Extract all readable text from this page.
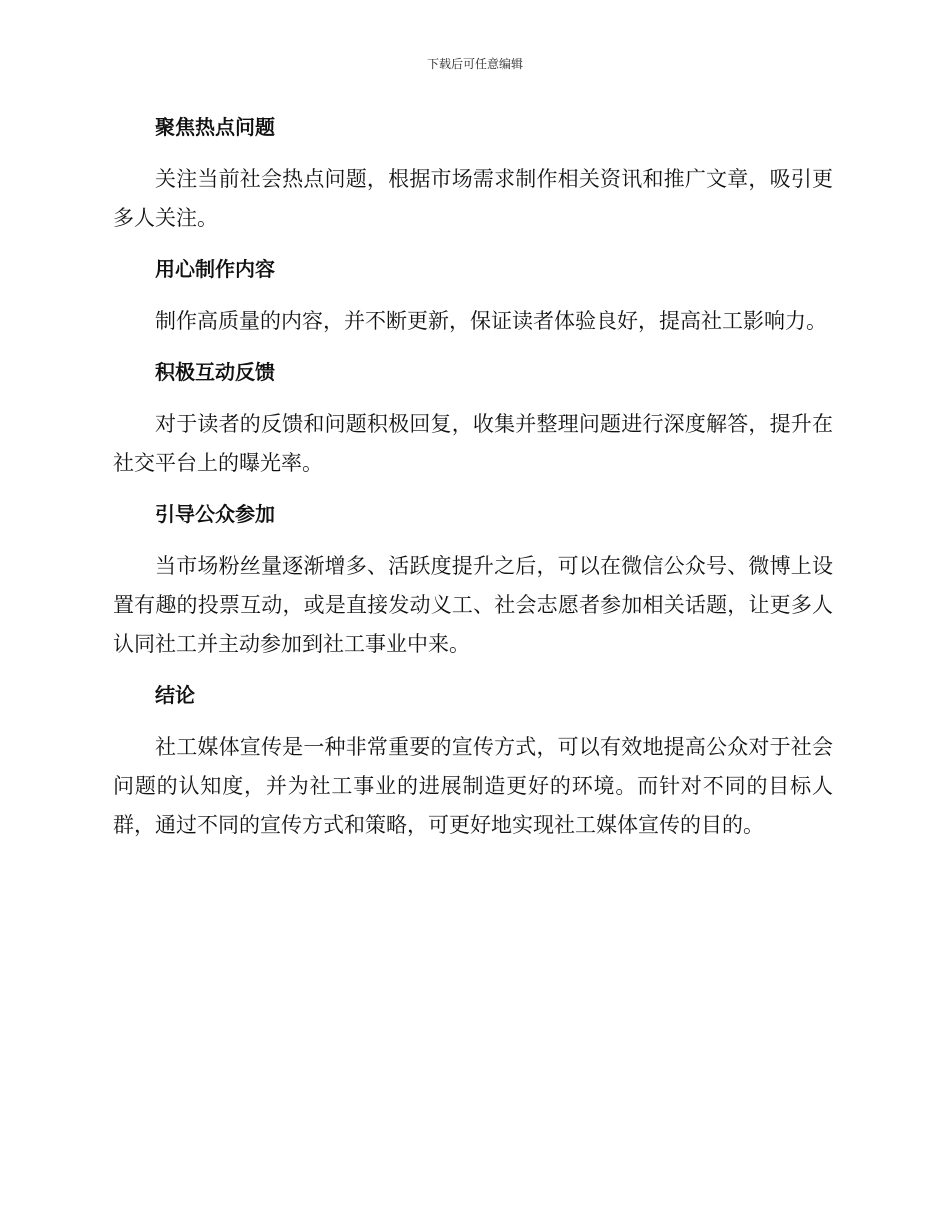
下载后可任意编辑
聚焦热点问题

关注当前社会热点问题，根据市场需求制作相关资讯和推广文章，吸引更多人关注。

用心制作内容

制作高质量的内容，并不断更新，保证读者体验良好，提高社工影响力。

积极互动反馈

对于读者的反馈和问题积极回复，收集并整理问题进行深度解答，提升在社交平台上的曝光率。

引导公众参加

当市场粉丝量逐渐增多、活跃度提升之后，可以在微信公众号、微博上设置有趣的投票互动，或是直接发动义工、社会志愿者参加相关话题，让更多人认同社工并主动参加到社工事业中来。

结论

社工媒体宣传是一种非常重要的宣传方式，可以有效地提高公众对于社会问题的认知度，并为社工事业的进展制造更好的环境。而针对不同的目标人群，通过不同的宣传方式和策略，可更好地实现社工媒体宣传的目的。
